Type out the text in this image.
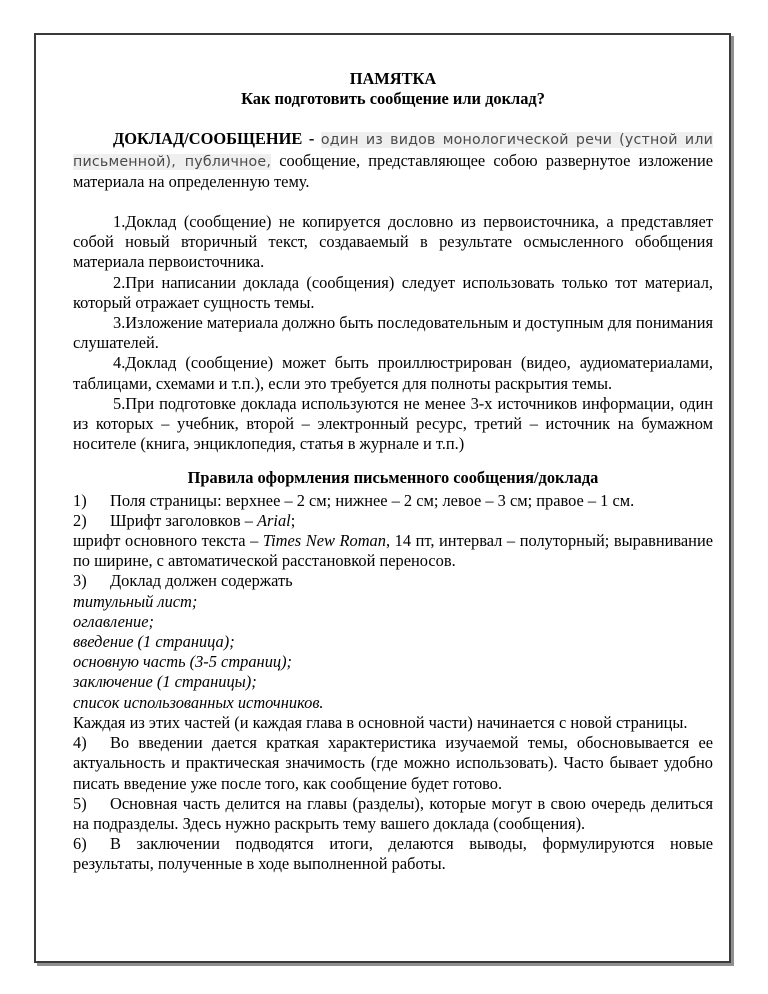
ПАМЯТКА

Как подготовить сообщение или доклад?

ДОКЛАД/СООБЩЕНИЕ - один из видов монологической речи (устной или письменной), публичное, сообщение, представляющее собою развернутое изложение материала на определенную тему.

1.Доклад (сообщение) не копируется дословно из первоисточника, а представляет собой новый вторичный текст, создаваемый в результате осмысленного обобщения материала первоисточника.

2.При написании доклада (сообщения) следует использовать только тот материал, который отражает сущность темы.

3.Изложение материала должно быть последовательным и доступным для понимания слушателей.

4.Доклад (сообщение) может быть проиллюстрирован (видео, аудиоматериалами, таблицами, схемами и т.п.), если это требуется для полноты раскрытия темы.

5.При подготовке доклада используются не менее 3-х источников информации, один из которых – учебник, второй – электронный ресурс, третий – источник на бумажном носителе (книга, энциклопедия, статья в журнале и т.п.)

Правила оформления письменного сообщения/доклада

1) Поля страницы: верхнее – 2 см; нижнее – 2 см; левое – 3 см; правое – 1 см.

2) Шрифт заголовков – Arial;

шрифт основного текста – Times New Roman, 14 пт, интервал – полуторный; выравнивание по ширине, с автоматической расстановкой переносов.

3) Доклад должен содержать

титульный лист;

оглавление;

введение (1 страница);

основную часть (3-5 страниц);

заключение (1 страницы);

список использованных источников.

Каждая из этих частей (и каждая глава в основной части) начинается с новой страницы.

4) Во введении дается краткая характеристика изучаемой темы, обосновывается ее актуальность и практическая значимость (где можно использовать). Часто бывает удобно писать введение уже после того, как сообщение будет готово.

5) Основная часть делится на главы (разделы), которые могут в свою очередь делиться на подразделы. Здесь нужно раскрыть тему вашего доклада (сообщения).

6) В заключении подводятся итоги, делаются выводы, формулируются новые результаты, полученные в ходе выполненной работы.
